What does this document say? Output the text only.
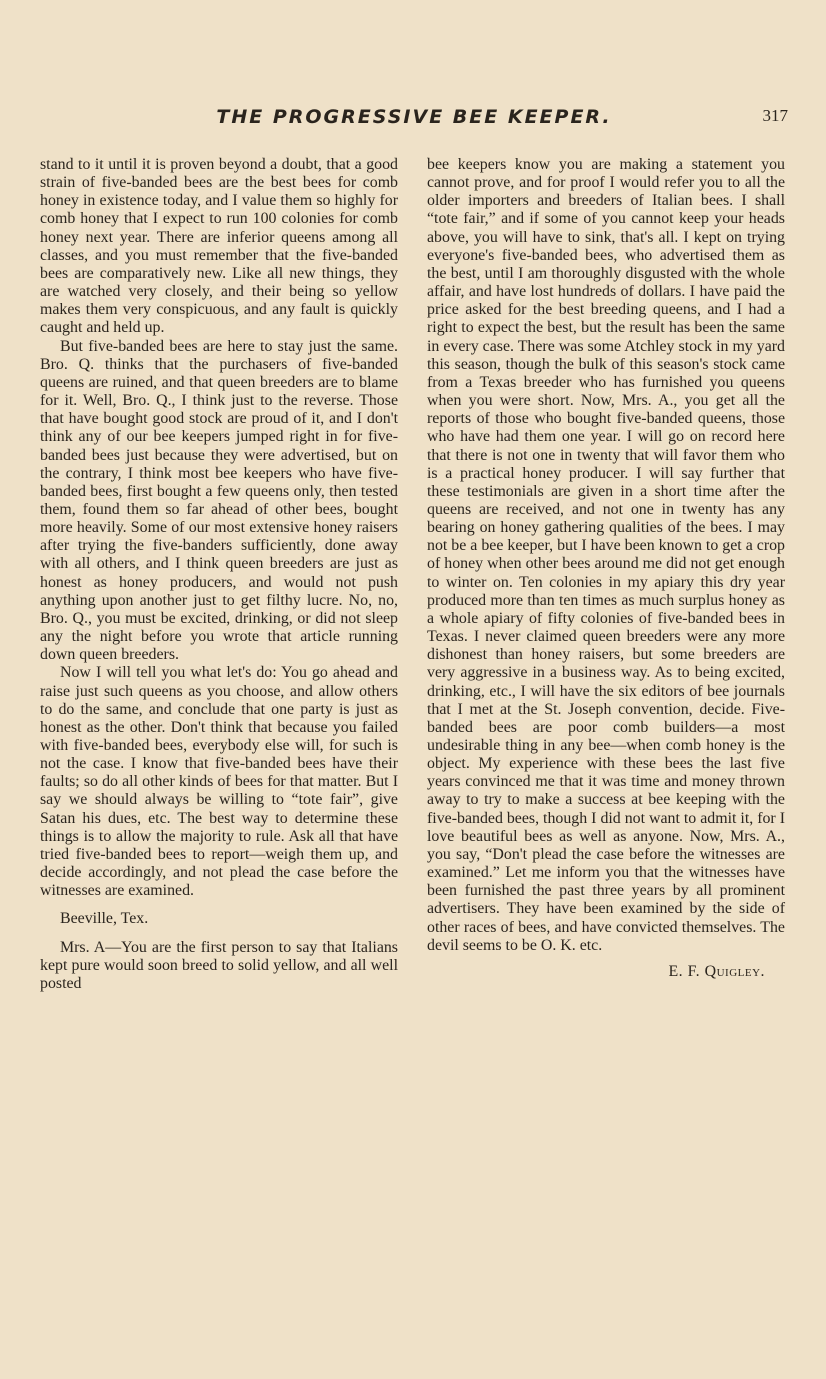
THE PROGRESSIVE BEE KEEPER.	317

stand to it until it is proven beyond a doubt, that a good strain of five-banded bees are the best bees for comb honey in existence today, and I value them so highly for comb honey that I expect to run 100 colonies for comb honey next year. There are inferior queens among all classes, and you must remember that the five-banded bees are comparatively new. Like all new things, they are watched very closely, and their being so yellow makes them very conspicuous, and any fault is quickly caught and held up.

But five-banded bees are here to stay just the same. Bro. Q. thinks that the purchasers of five-banded queens are ruined, and that queen breeders are to blame for it. Well, Bro. Q., I think just to the reverse. Those that have bought good stock are proud of it, and I don't think any of our bee keepers jumped right in for five-banded bees just because they were advertised, but on the contrary, I think most bee keepers who have five-banded bees, first bought a few queens only, then tested them, found them so far ahead of other bees, bought more heavily. Some of our most extensive honey raisers after trying the five-banders sufficiently, done away with all others, and I think queen breeders are just as honest as honey producers, and would not push anything upon another just to get filthy lucre. No, no, Bro. Q., you must be excited, drinking, or did not sleep any the night before you wrote that article running down queen breeders.

Now I will tell you what let's do: You go ahead and raise just such queens as you choose, and allow others to do the same, and conclude that one party is just as honest as the other. Don't think that because you failed with five-banded bees, everybody else will, for such is not the case. I know that five-banded bees have their faults; so do all other kinds of bees for that matter. But I say we should always be willing to “tote fair”, give Satan his dues, etc. The best way to determine these things is to allow the majority to rule. Ask all that have tried five-banded bees to report—weigh them up, and decide accordingly, and not plead the case before the witnesses are examined.

Beeville, Tex.

Mrs. A—You are the first person to say that Italians kept pure would soon breed to solid yellow, and all well posted

bee keepers know you are making a statement you cannot prove, and for proof I would refer you to all the older importers and breeders of Italian bees. I shall “tote fair,” and if some of you cannot keep your heads above, you will have to sink, that's all. I kept on trying everyone's five-banded bees, who advertised them as the best, until I am thoroughly disgusted with the whole affair, and have lost hundreds of dollars. I have paid the price asked for the best breeding queens, and I had a right to expect the best, but the result has been the same in every case. There was some Atchley stock in my yard this season, though the bulk of this season's stock came from a Texas breeder who has furnished you queens when you were short. Now, Mrs. A., you get all the reports of those who bought five-banded queens, those who have had them one year. I will go on record here that there is not one in twenty that will favor them who is a practical honey producer. I will say further that these testimonials are given in a short time after the queens are received, and not one in twenty has any bearing on honey gathering qualities of the bees. I may not be a bee keeper, but I have been known to get a crop of honey when other bees around me did not get enough to winter on. Ten colonies in my apiary this dry year produced more than ten times as much surplus honey as a whole apiary of fifty colonies of five-banded bees in Texas. I never claimed queen breeders were any more dishonest than honey raisers, but some breeders are very aggressive in a business way. As to being excited, drinking, etc., I will have the six editors of bee journals that I met at the St. Joseph convention, decide. Five-banded bees are poor comb builders—a most undesirable thing in any bee—when comb honey is the object. My experience with these bees the last five years convinced me that it was time and money thrown away to try to make a success at bee keeping with the five-banded bees, though I did not want to admit it, for I love beautiful bees as well as anyone. Now, Mrs. A., you say, “Don't plead the case before the witnesses are examined.” Let me inform you that the witnesses have been furnished the past three years by all prominent advertisers. They have been examined by the side of other races of bees, and have convicted themselves. The devil seems to be O. K. etc.

E. F. Quigley.
